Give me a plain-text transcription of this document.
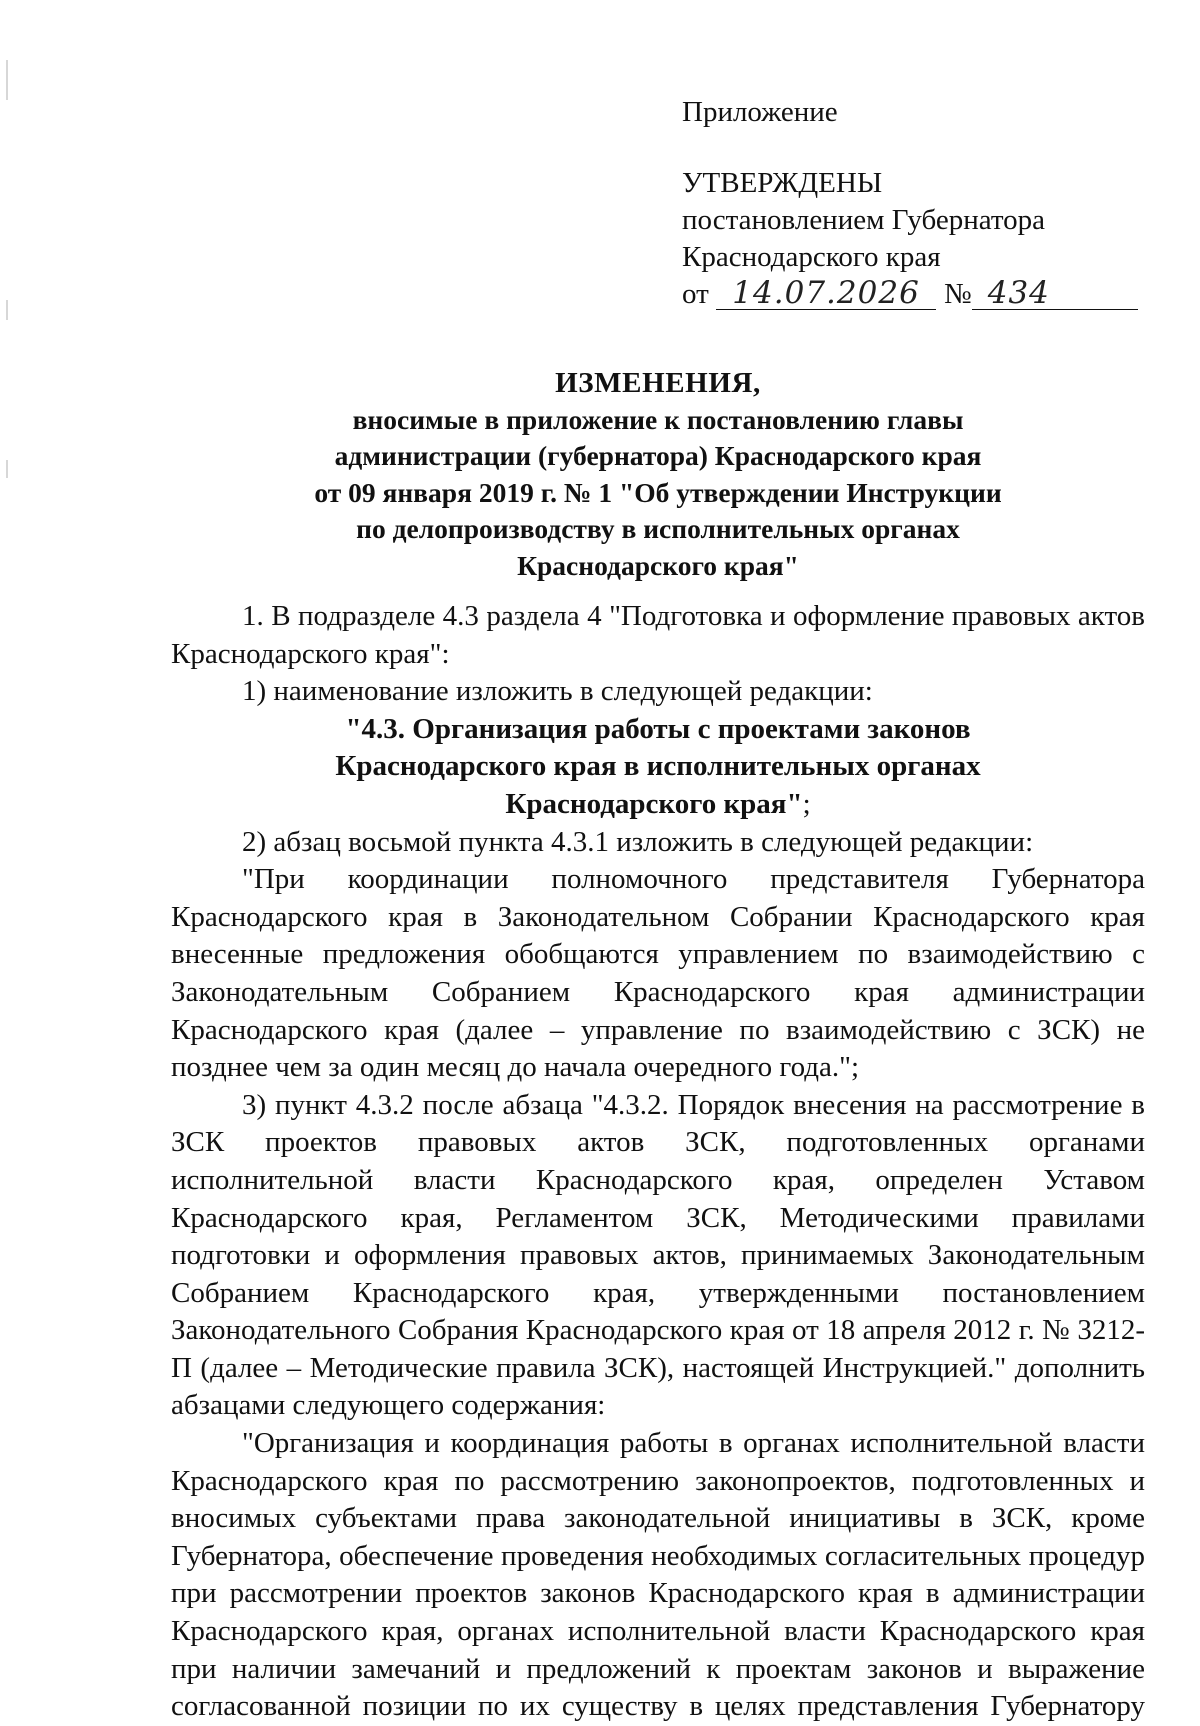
Приложение
УТВЕРЖДЕНЫ
постановлением Губернатора
Краснодарского края
от 14.07.2026 № 434
ИЗМЕНЕНИЯ,
вносимые в приложение к постановлению главы
администрации (губернатора) Краснодарского края
от 09 января 2019 г. № 1 "Об утверждении Инструкции
по делопроизводству в исполнительных органах
Краснодарского края"

1. В подразделе 4.3 раздела 4 "Подготовка и оформление правовых актов Краснодарского края":

1) наименование изложить в следующей редакции:

"4.3. Организация работы с проектами законов Краснодарского края в исполнительных органах Краснодарского края";

2) абзац восьмой пункта 4.3.1 изложить в следующей редакции:

"При координации полномочного представителя Губернатора Краснодарского края в Законодательном Собрании Краснодарского края внесенные предложения обобщаются управлением по взаимодействию с Законодательным Собранием Краснодарского края администрации Краснодарского края (далее – управление по взаимодействию с ЗСК) не позднее чем за один месяц до начала очередного года.";

3) пункт 4.3.2 после абзаца "4.3.2. Порядок внесения на рассмотрение в ЗСК проектов правовых актов ЗСК, подготовленных органами исполнительной власти Краснодарского края, определен Уставом Краснодарского края, Регламентом ЗСК, Методическими правилами подготовки и оформления правовых актов, принимаемых Законодательным Собранием Краснодарского края, утвержденными постановлением Законодательного Собрания Краснодарского края от 18 апреля 2012 г. № 3212-П (далее – Методические правила ЗСК), настоящей Инструкцией." дополнить абзацами следующего содержания:

"Организация и координация работы в органах исполнительной власти Краснодарского края по рассмотрению законопроектов, подготовленных и вносимых субъектами права законодательной инициативы в ЗСК, кроме Губернатора, обеспечение проведения необходимых согласительных процедур при рассмотрении проектов законов Краснодарского края в администрации Краснодарского края, органах исполнительной власти Краснодарского края при наличии замечаний и предложений к проектам законов и выражение согласованной позиции по их существу в целях представления Губернатору
